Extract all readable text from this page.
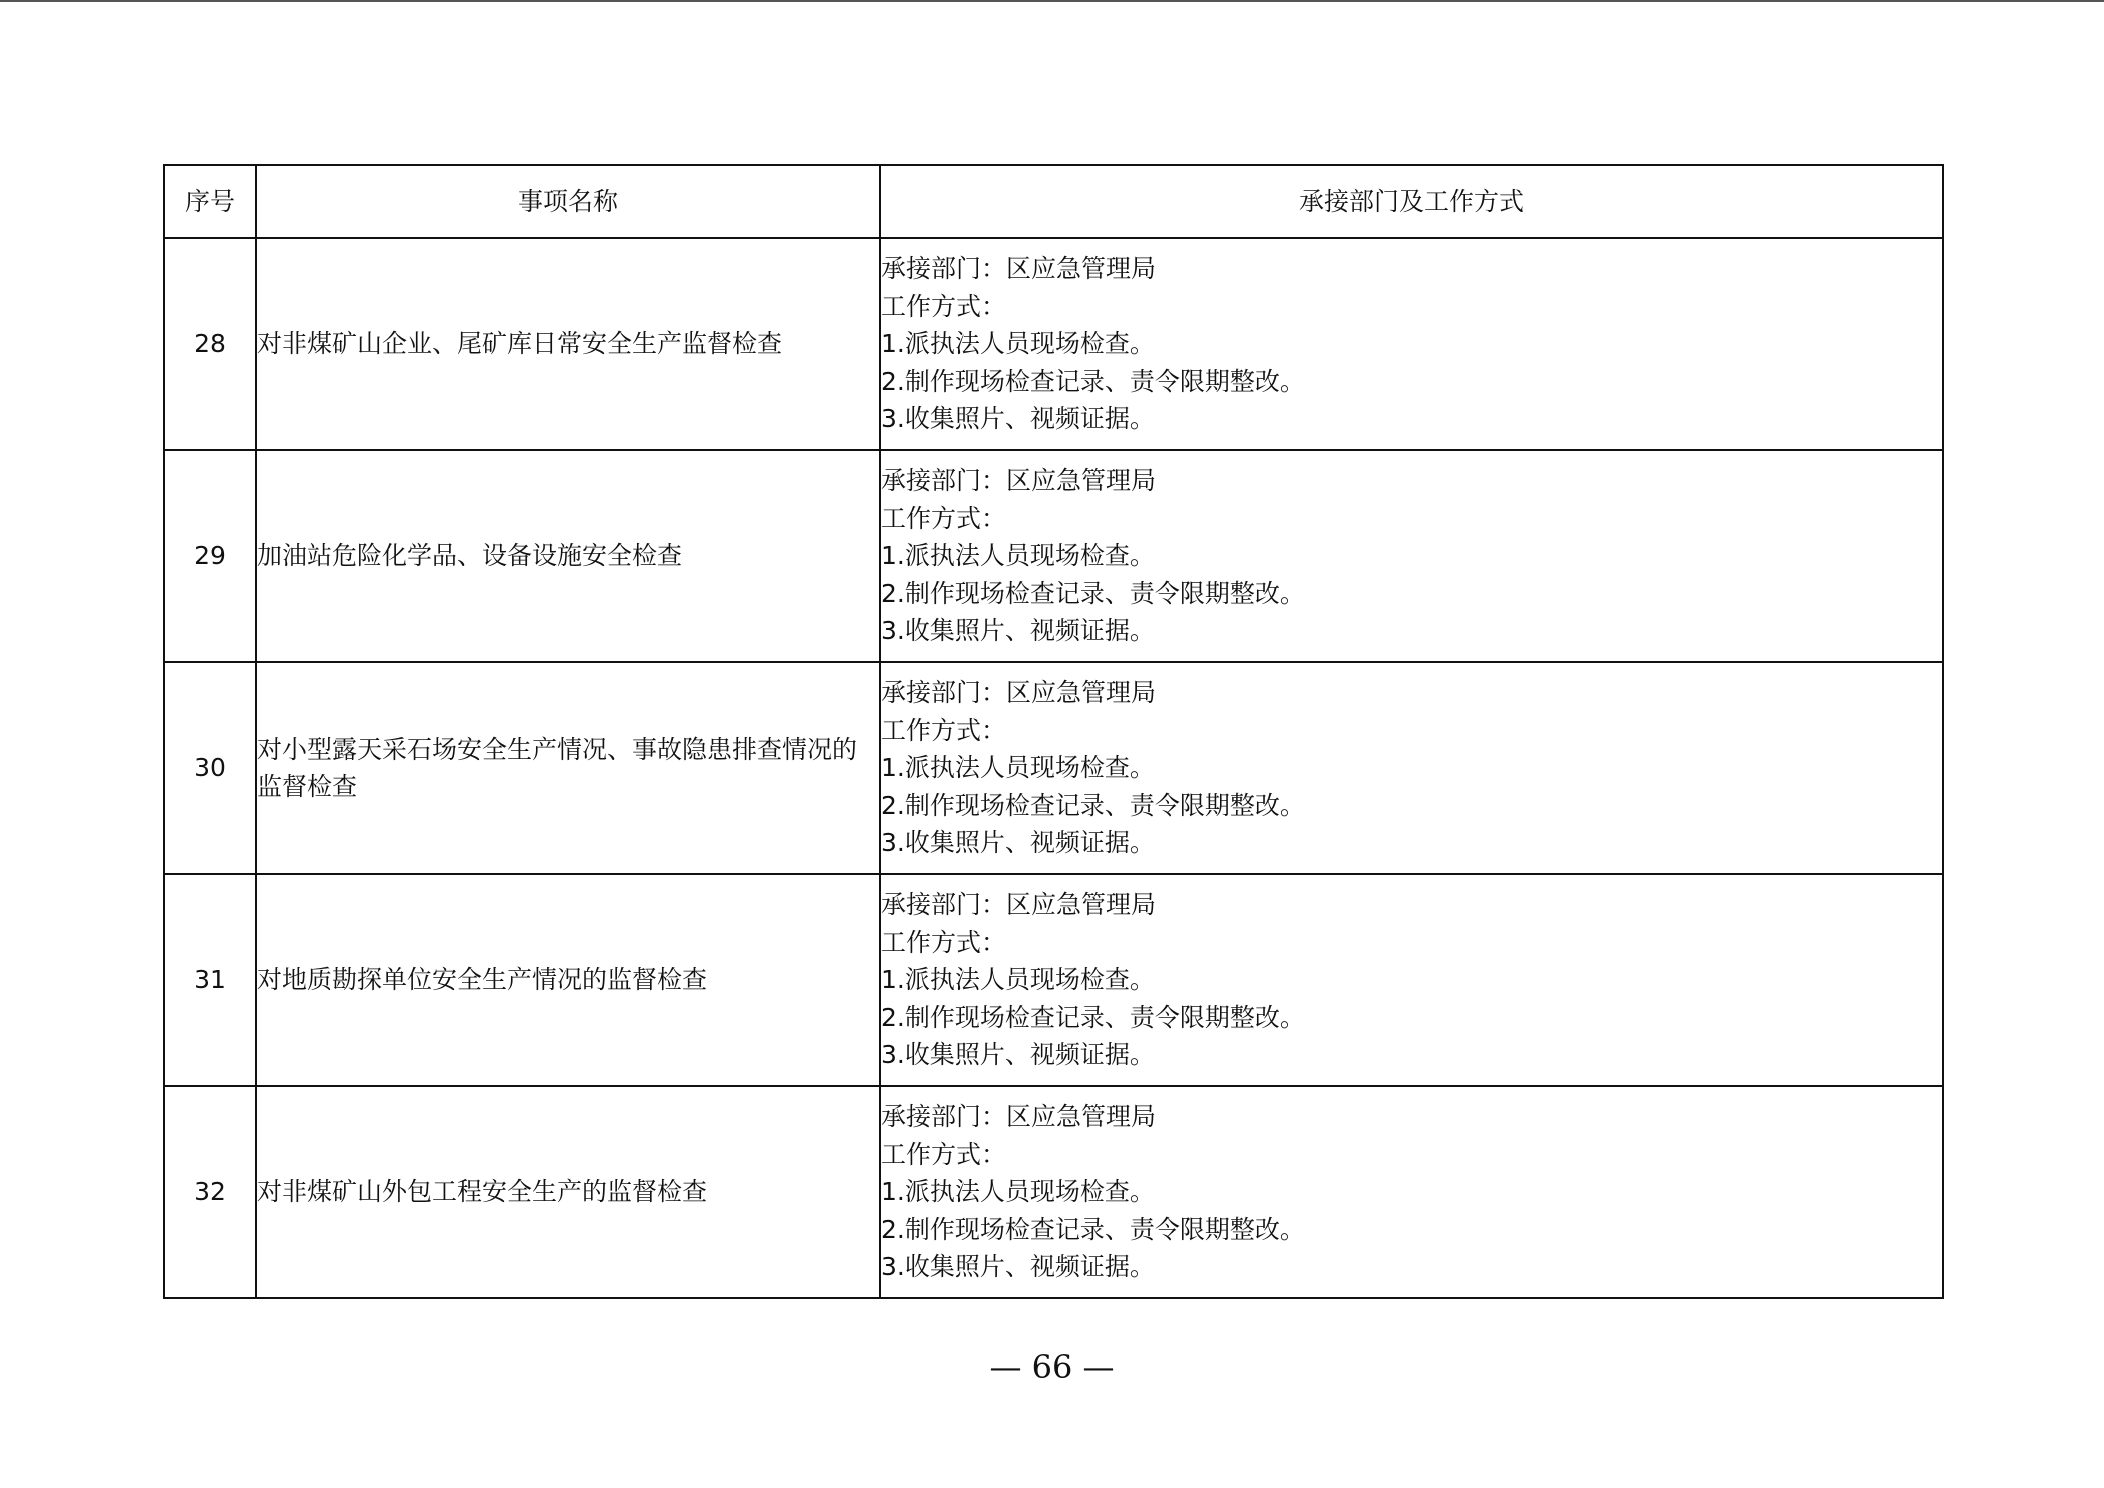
序号	事项名称	承接部门及工作方式
28	对非煤矿山企业、尾矿库日常安全生产监督检查	承接部门：区应急管理局
工作方式：
1.派执法人员现场检查。
2.制作现场检查记录、责令限期整改。
3.收集照片、视频证据。

29	加油站危险化学品、设备设施安全检查	承接部门：区应急管理局
工作方式：
1.派执法人员现场检查。
2.制作现场检查记录、责令限期整改。
3.收集照片、视频证据。

30	对小型露天采石场安全生产情况、事故隐患排查情况的监督检查	承接部门：区应急管理局
工作方式：
1.派执法人员现场检查。
2.制作现场检查记录、责令限期整改。
3.收集照片、视频证据。

31	对地质勘探单位安全生产情况的监督检查	承接部门：区应急管理局
工作方式：
1.派执法人员现场检查。
2.制作现场检查记录、责令限期整改。
3.收集照片、视频证据。

32	对非煤矿山外包工程安全生产的监督检查	承接部门：区应急管理局
工作方式：
1.派执法人员现场检查。
2.制作现场检查记录、责令限期整改。
3.收集照片、视频证据。
— 66 —
